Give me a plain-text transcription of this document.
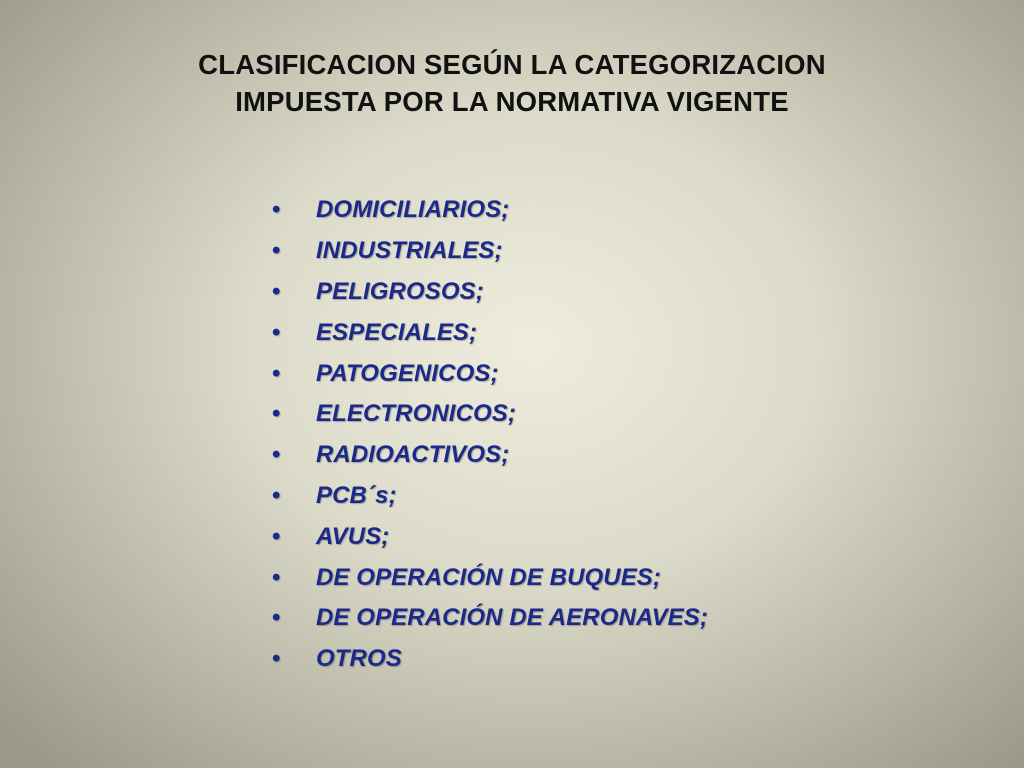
CLASIFICACION SEGÚN LA CATEGORIZACION
IMPUESTA POR LA NORMATIVA VIGENTE
•	DOMICILIARIOS;
•	INDUSTRIALES;
•	PELIGROSOS;
•	ESPECIALES;
•	PATOGENICOS;
•	ELECTRONICOS;
•	RADIOACTIVOS;
•	PCB´s;
•	AVUS;
•	DE OPERACIÓN DE BUQUES;
•	DE OPERACIÓN DE AERONAVES;
•	OTROS
